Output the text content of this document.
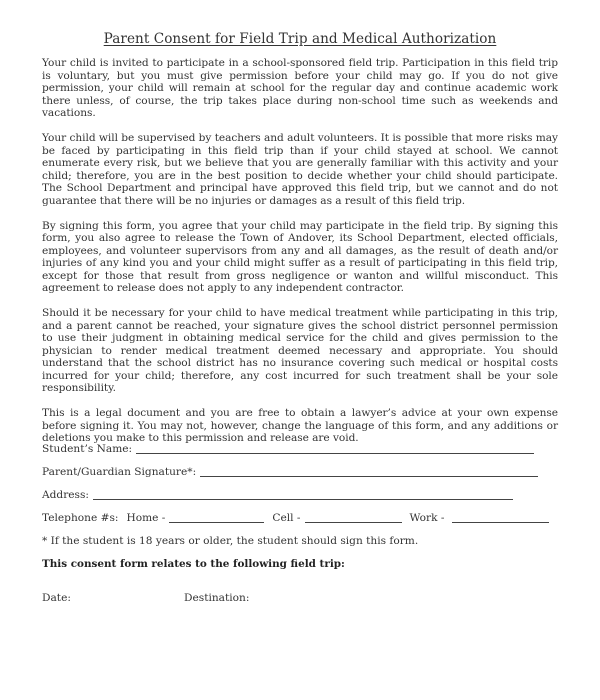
Parent Consent for Field Trip and Medical Authorization

Your child is invited to participate in a school-sponsored field trip. Participation in this field trip is voluntary, but you must give permission before your child may go. If you do not give permission, your child will remain at school for the regular day and continue academic work there unless, of course, the trip takes place during non-school time such as weekends and vacations.

Your child will be supervised by teachers and adult volunteers. It is possible that more risks may be faced by participating in this field trip than if your child stayed at school. We cannot enumerate every risk, but we believe that you are generally familiar with this activity and your child; therefore, you are in the best position to decide whether your child should participate. The School Department and principal have approved this field trip, but we cannot and do not guarantee that there will be no injuries or damages as a result of this field trip.

By signing this form, you agree that your child may participate in the field trip. By signing this form, you also agree to release the Town of Andover, its School Department, elected officials, employees, and volunteer supervisors from any and all damages, as the result of death and/or injuries of any kind you and your child might suffer as a result of participating in this field trip, except for those that result from gross negligence or wanton and willful misconduct. This agreement to release does not apply to any independent contractor.

Should it be necessary for your child to have medical treatment while participating in this trip, and a parent cannot be reached, your signature gives the school district personnel permission to use their judgment in obtaining medical service for the child and gives permission to the physician to render medical treatment deemed necessary and appropriate. You should understand that the school district has no insurance covering such medical or hospital costs incurred for your child; therefore, any cost incurred for such treatment shall be your sole responsibility.

This is a legal document and you are free to obtain a lawyer’s advice at your own expense before signing it. You may not, however, change the language of this form, and any additions or deletions you make to this permission and release are void.

Student’s Name:
Parent/Guardian Signature*:
Address:
Telephone #s: Home -	Cell -	Work -
* If the student is 18 years or older, the student should sign this form.
This consent form relates to the following field trip:
Date:	Destination:
